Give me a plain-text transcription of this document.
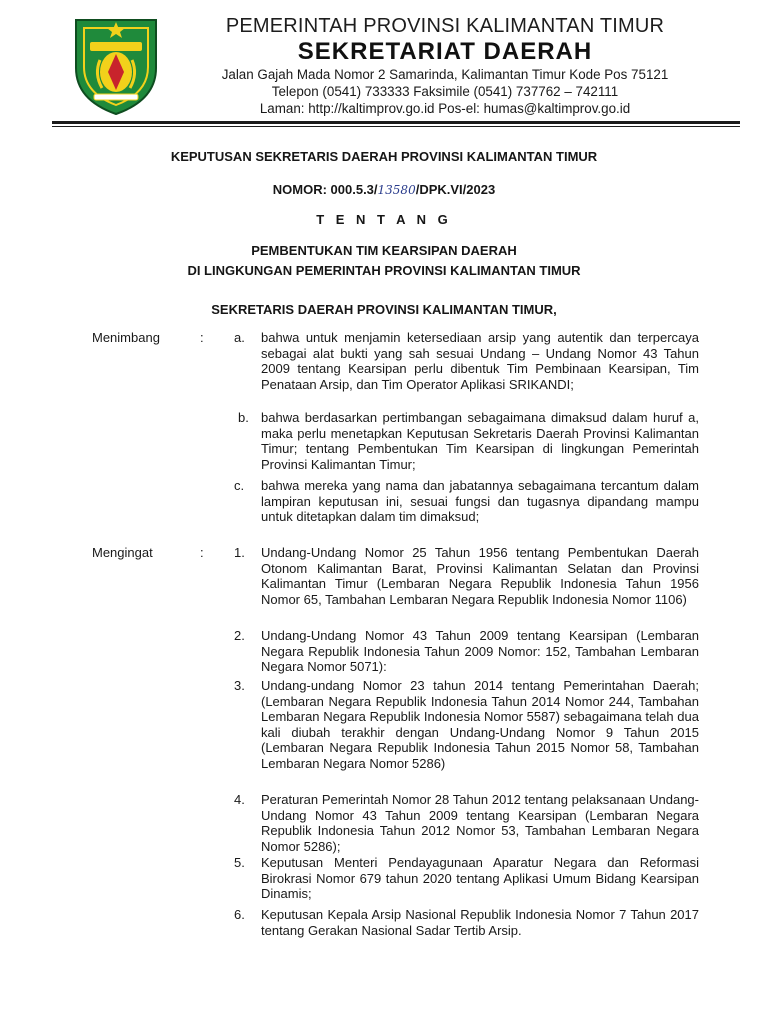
PEMERINTAH PROVINSI KALIMANTAN TIMUR
SEKRETARIAT DAERAH
Jalan Gajah Mada Nomor 2 Samarinda, Kalimantan Timur Kode Pos 75121
Telepon (0541) 733333 Faksimile (0541) 737762 – 742111
Laman: http://kaltimprov.go.id Pos-el: humas@kaltimprov.go.id
KEPUTUSAN SEKRETARIS DAERAH PROVINSI KALIMANTAN TIMUR
NOMOR: 000.5.3/13580/DPK.VI/2023
T E N T A N G
PEMBENTUKAN TIM KEARSIPAN DAERAH
DI LINGKUNGAN PEMERINTAH PROVINSI KALIMANTAN TIMUR
SEKRETARIS DAERAH PROVINSI KALIMANTAN TIMUR,
Menimbang	: a. bahwa untuk menjamin ketersediaan arsip yang autentik dan terpercaya sebagai alat bukti yang sah sesuai Undang – Undang Nomor 43 Tahun 2009 tentang Kearsipan perlu dibentuk Tim Pembinaan Kearsipan, Tim Penataan Arsip, dan Tim Operator Aplikasi SRIKANDI;
b. bahwa berdasarkan pertimbangan sebagaimana dimaksud dalam huruf a, maka perlu menetapkan Keputusan Sekretaris Daerah Provinsi Kalimantan Timur; tentang Pembentukan Tim Kearsipan di lingkungan Pemerintah Provinsi Kalimantan Timur;
c. bahwa mereka yang nama dan jabatannya sebagaimana tercantum dalam lampiran keputusan ini, sesuai fungsi dan tugasnya dipandang mampu untuk ditetapkan dalam tim dimaksud;
Mengingat	: 1. Undang-Undang Nomor 25 Tahun 1956 tentang Pembentukan Daerah Otonom Kalimantan Barat, Provinsi Kalimantan Selatan dan Provinsi Kalimantan Timur (Lembaran Negara Republik Indonesia Tahun 1956 Nomor 65, Tambahan Lembaran Negara Republik Indonesia Nomor 1106)
2. Undang-Undang Nomor 43 Tahun 2009 tentang Kearsipan (Lembaran Negara Republik Indonesia Tahun 2009 Nomor: 152, Tambahan Lembaran Negara Nomor 5071):
3. Undang-undang Nomor 23 tahun 2014 tentang Pemerintahan Daerah; (Lembaran Negara Republik Indonesia Tahun 2014 Nomor 244, Tambahan Lembaran Negara Republik Indonesia Nomor 5587) sebagaimana telah dua kali diubah terakhir dengan Undang-Undang Nomor 9 Tahun 2015 (Lembaran Negara Republik Indonesia Tahun 2015 Nomor 58, Tambahan Lembaran Negara Nomor 5286)
4. Peraturan Pemerintah Nomor 28 Tahun 2012 tentang pelaksanaan Undang-Undang Nomor 43 Tahun 2009 tentang Kearsipan (Lembaran Negara Republik Indonesia Tahun 2012 Nomor 53, Tambahan Lembaran Negara Nomor 5286);
5. Keputusan Menteri Pendayagunaan Aparatur Negara dan Reformasi Birokrasi Nomor 679 tahun 2020 tentang Aplikasi Umum Bidang Kearsipan Dinamis;
6. Keputusan Kepala Arsip Nasional Republik Indonesia Nomor 7 Tahun 2017 tentang Gerakan Nasional Sadar Tertib Arsip.
